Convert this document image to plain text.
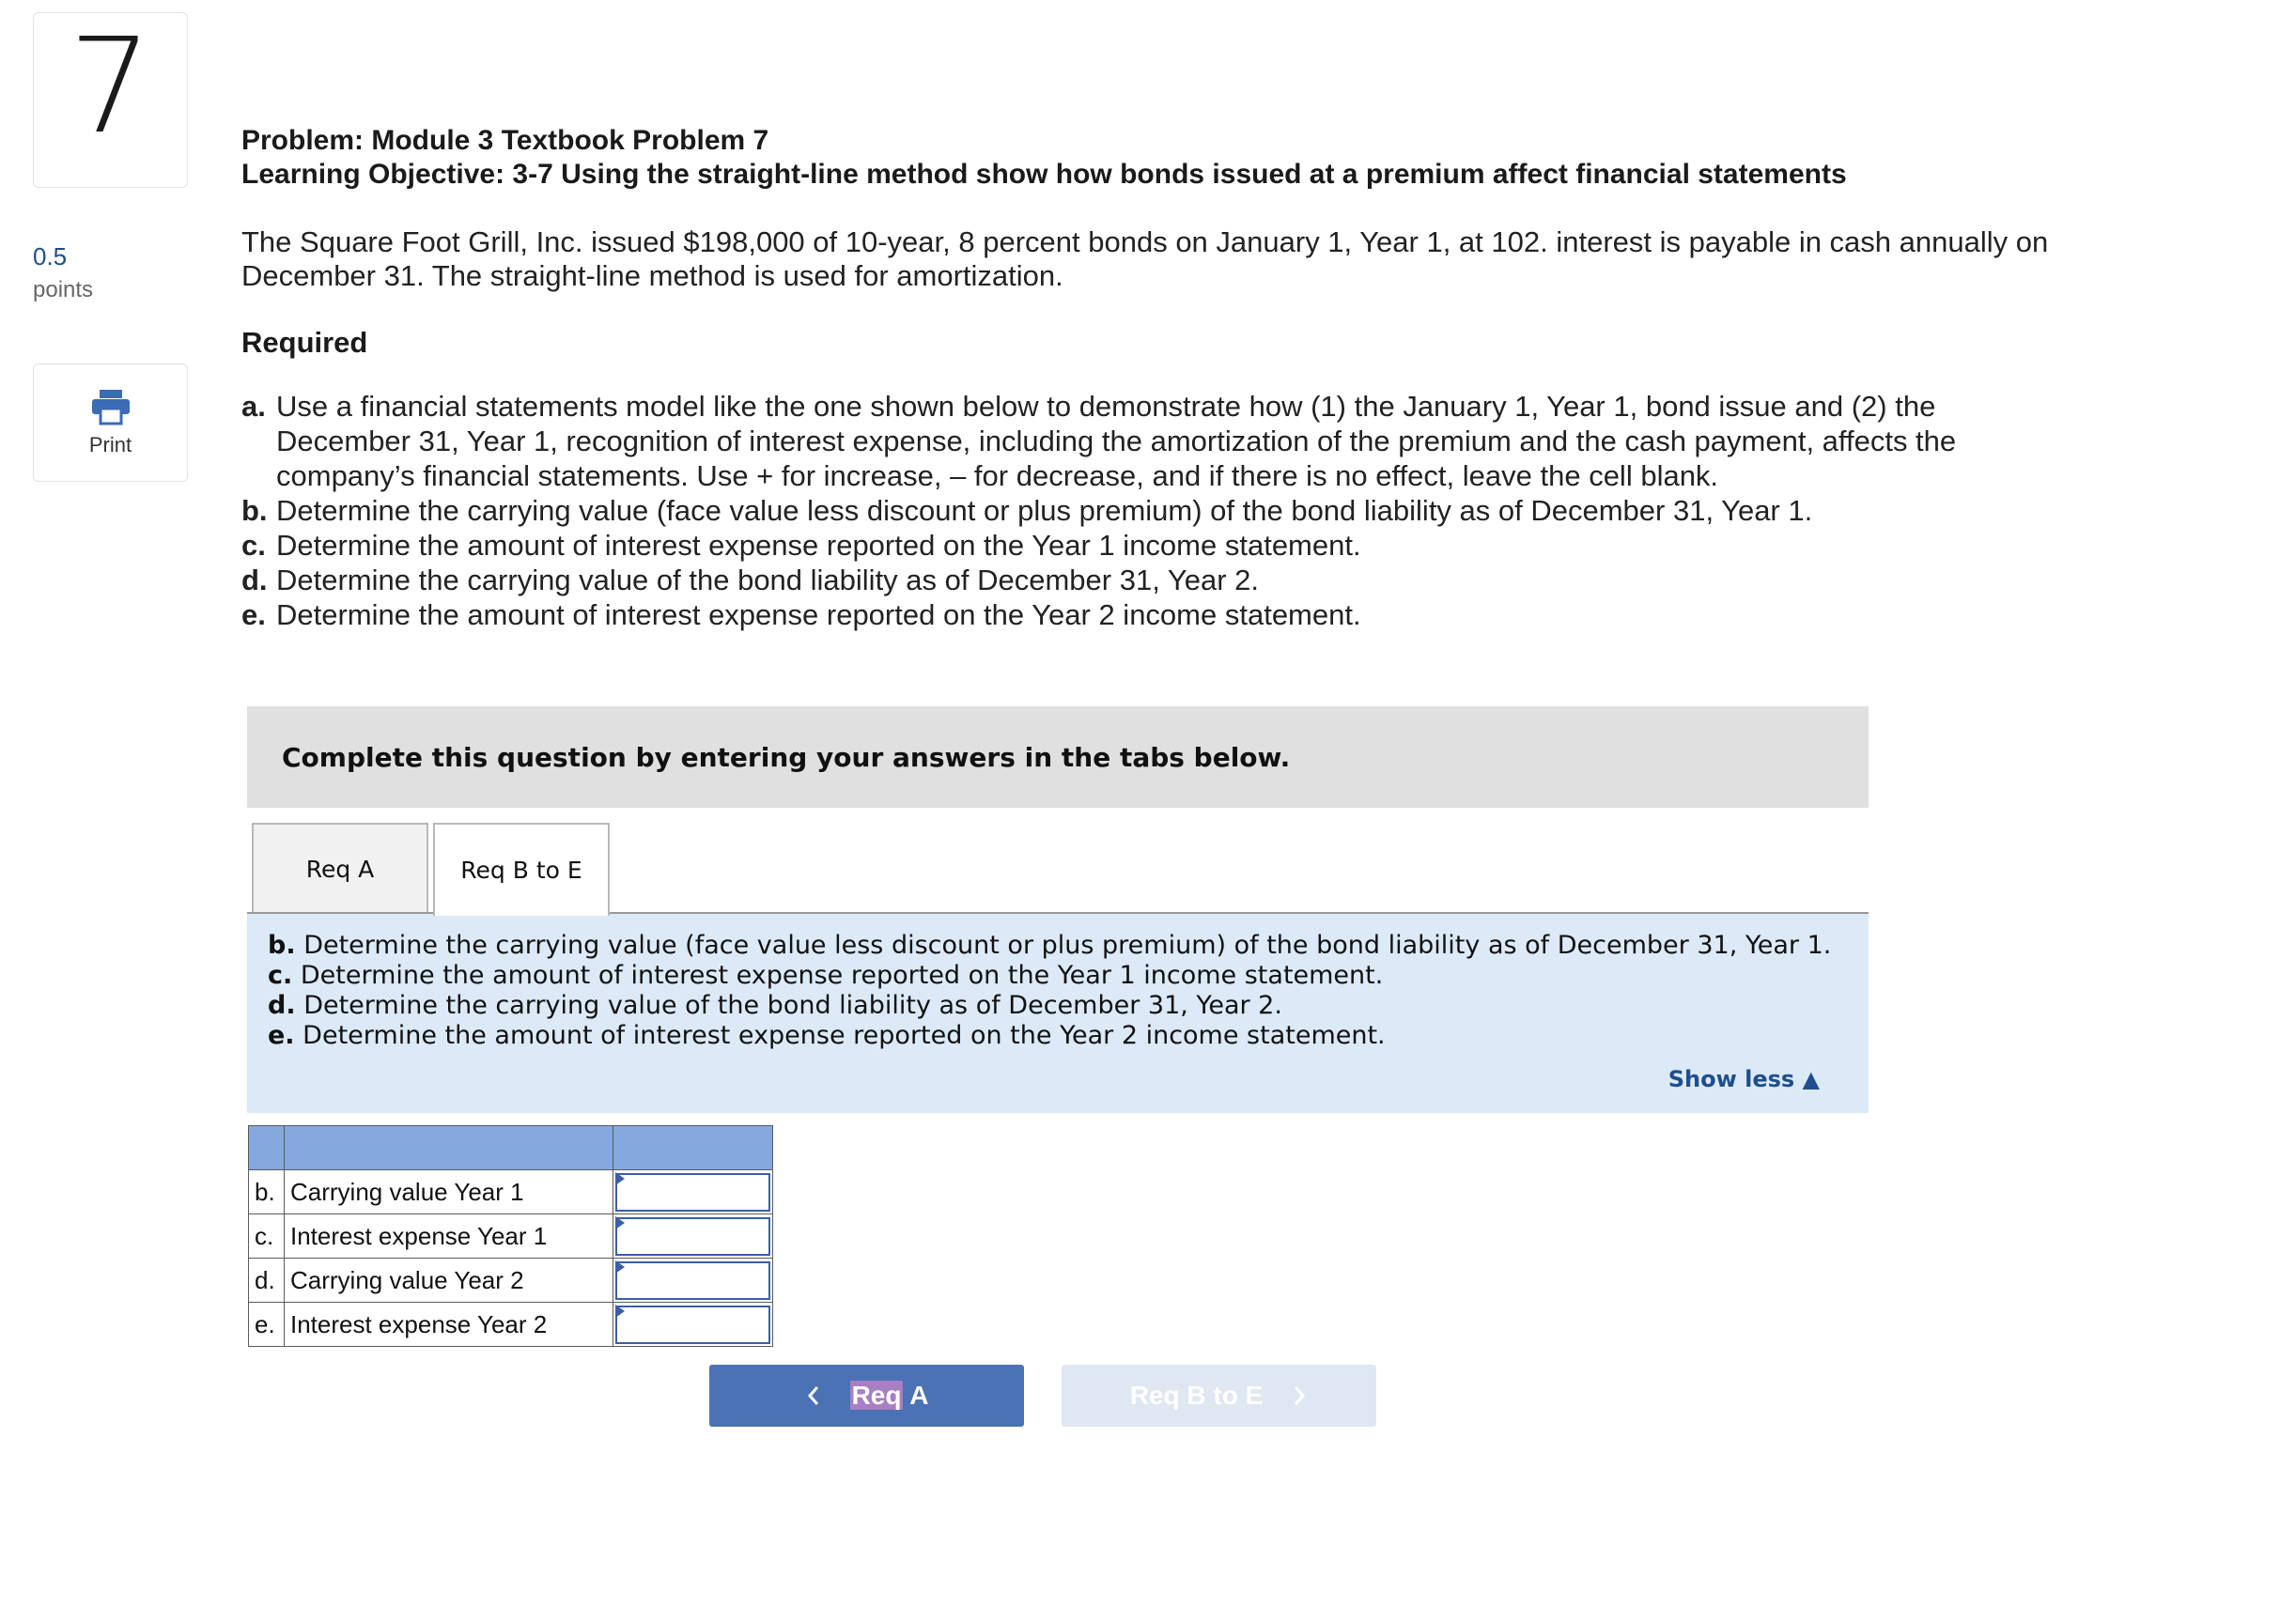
7
0.5
points
Print
Problem: Module 3 Textbook Problem 7
Learning Objective: 3-7 Using the straight-line method show how bonds issued at a premium affect financial statements
The Square Foot Grill, Inc. issued $198,000 of 10-year, 8 percent bonds on January 1, Year 1, at 102. interest is payable in cash annually on December 31. The straight-line method is used for amortization.
Required
a. Use a financial statements model like the one shown below to demonstrate how (1) the January 1, Year 1, bond issue and (2) the December 31, Year 1, recognition of interest expense, including the amortization of the premium and the cash payment, affects the company’s financial statements. Use + for increase, – for decrease, and if there is no effect, leave the cell blank.
b. Determine the carrying value (face value less discount or plus premium) of the bond liability as of December 31, Year 1.
c. Determine the amount of interest expense reported on the Year 1 income statement.
d. Determine the carrying value of the bond liability as of December 31, Year 2.
e. Determine the amount of interest expense reported on the Year 2 income statement.
Complete this question by entering your answers in the tabs below.
Req A	Req B to E
b. Determine the carrying value (face value less discount or plus premium) of the bond liability as of December 31, Year 1.
c. Determine the amount of interest expense reported on the Year 1 income statement.
d. Determine the carrying value of the bond liability as of December 31, Year 2.
e. Determine the amount of interest expense reported on the Year 2 income statement.
Show less ▲

b.	Carrying value Year 1	

c.	Interest expense Year 1	

d.	Carrying value Year 2	

e.	Interest expense Year 2	
Req A	Req B to E
